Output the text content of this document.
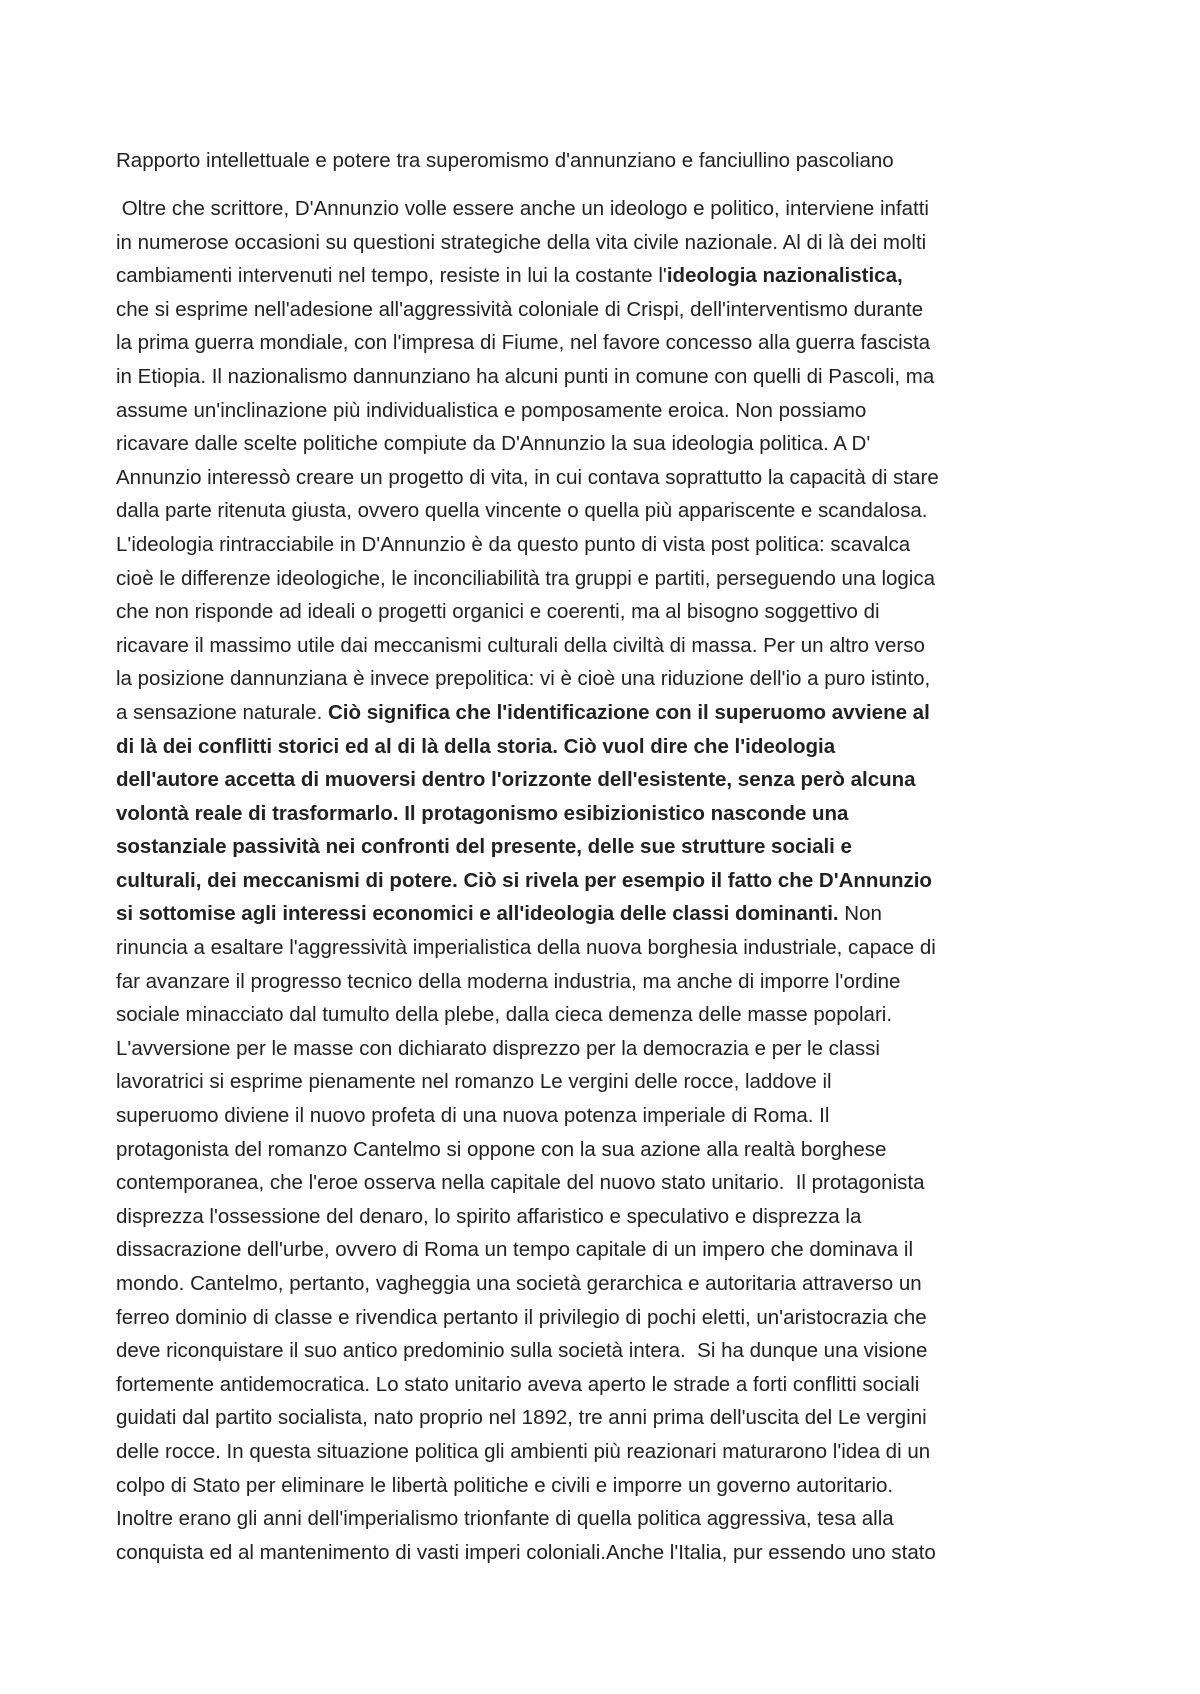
Rapporto intellettuale e potere tra superomismo d'annunziano e fanciullino pascoliano
Oltre che scrittore, D'Annunzio volle essere anche un ideologo e politico, interviene infatti
in numerose occasioni su questioni strategiche della vita civile nazionale. Al di là dei molti
cambiamenti intervenuti nel tempo, resiste in lui la costante l'ideologia nazionalistica,
che si esprime nell'adesione all'aggressività coloniale di Crispi, dell'interventismo durante
la prima guerra mondiale, con l'impresa di Fiume, nel favore concesso alla guerra fascista
in Etiopia. Il nazionalismo dannunziano ha alcuni punti in comune con quelli di Pascoli, ma
assume un'inclinazione più individualistica e pomposamente eroica. Non possiamo
ricavare dalle scelte politiche compiute da D'Annunzio la sua ideologia politica. A D'
Annunzio interessò creare un progetto di vita, in cui contava soprattutto la capacità di stare
dalla parte ritenuta giusta, ovvero quella vincente o quella più appariscente e scandalosa.
L'ideologia rintracciabile in D'Annunzio è da questo punto di vista post politica: scavalca
cioè le differenze ideologiche, le inconciliabilità tra gruppi e partiti, perseguendo una logica
che non risponde ad ideali o progetti organici e coerenti, ma al bisogno soggettivo di
ricavare il massimo utile dai meccanismi culturali della civiltà di massa. Per un altro verso
la posizione dannunziana è invece prepolitica: vi è cioè una riduzione dell'io a puro istinto,
a sensazione naturale. Ciò significa che l'identificazione con il superuomo avviene al
di là dei conflitti storici ed al di là della storia. Ciò vuol dire che l'ideologia
dell'autore accetta di muoversi dentro l'orizzonte dell'esistente, senza però alcuna
volontà reale di trasformarlo. Il protagonismo esibizionistico nasconde una
sostanziale passività nei confronti del presente, delle sue strutture sociali e
culturali, dei meccanismi di potere. Ciò si rivela per esempio il fatto che D'Annunzio
si sottomise agli interessi economici e all'ideologia delle classi dominanti. Non
rinuncia a esaltare l'aggressività imperialistica della nuova borghesia industriale, capace di
far avanzare il progresso tecnico della moderna industria, ma anche di imporre l'ordine
sociale minacciato dal tumulto della plebe, dalla cieca demenza delle masse popolari.
L'avversione per le masse con dichiarato disprezzo per la democrazia e per le classi
lavoratrici si esprime pienamente nel romanzo Le vergini delle rocce, laddove il
superuomo diviene il nuovo profeta di una nuova potenza imperiale di Roma. Il
protagonista del romanzo Cantelmo si oppone con la sua azione alla realtà borghese
contemporanea, che l'eroe osserva nella capitale del nuovo stato unitario.  Il protagonista
disprezza l'ossessione del denaro, lo spirito affaristico e speculativo e disprezza la
dissacrazione dell'urbe, ovvero di Roma un tempo capitale di un impero che dominava il
mondo. Cantelmo, pertanto, vagheggia una società gerarchica e autoritaria attraverso un
ferreo dominio di classe e rivendica pertanto il privilegio di pochi eletti, un'aristocrazia che
deve riconquistare il suo antico predominio sulla società intera.  Si ha dunque una visione
fortemente antidemocratica. Lo stato unitario aveva aperto le strade a forti conflitti sociali
guidati dal partito socialista, nato proprio nel 1892, tre anni prima dell'uscita del Le vergini
delle rocce. In questa situazione politica gli ambienti più reazionari maturarono l'idea di un
colpo di Stato per eliminare le libertà politiche e civili e imporre un governo autoritario.
Inoltre erano gli anni dell'imperialismo trionfante di quella politica aggressiva, tesa alla
conquista ed al mantenimento di vasti imperi coloniali.Anche l'Italia, pur essendo uno stato
